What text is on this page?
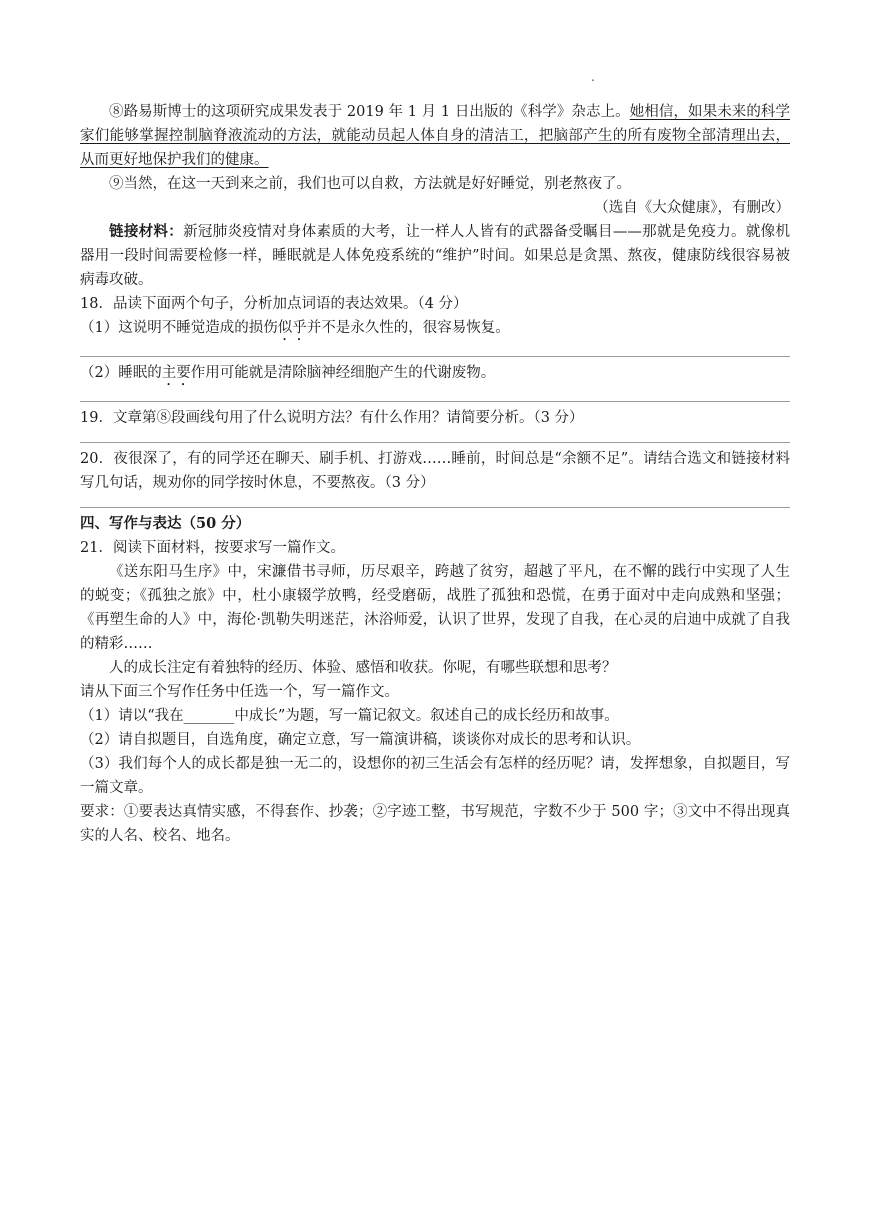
.

⑧路易斯博士的这项研究成果发表于 2019 年 1 月 1 日出版的《科学》杂志上。她相信，如果未来的科学家们能够掌握控制脑脊液流动的方法，就能动员起人体自身的清洁工，把脑部产生的所有废物全部清理出去，从而更好地保护我们的健康。

⑨当然，在这一天到来之前，我们也可以自救，方法就是好好睡觉，别老熬夜了。

（选自《大众健康》，有删改）

链接材料：新冠肺炎疫情对身体素质的大考，让一样人人皆有的武器备受瞩目——那就是免疫力。就像机器用一段时间需要检修一样，睡眠就是人体免疫系统的“维护”时间。如果总是贪黑、熬夜，健康防线很容易被病毒攻破。

18．品读下面两个句子，分析加点词语的表达效果。（4 分）

（1）这说明不睡觉造成的损伤似乎并不是永久性的，很容易恢复。

（2）睡眠的主要作用可能就是清除脑神经细胞产生的代谢废物。

19．文章第⑧段画线句用了什么说明方法？有什么作用？请简要分析。（3 分）

20．夜很深了，有的同学还在聊天、刷手机、打游戏……睡前，时间总是“余额不足”。请结合选文和链接材料写几句话，规劝你的同学按时休息，不要熬夜。（3 分）

四、写作与表达（50 分）

21．阅读下面材料，按要求写一篇作文。

《送东阳马生序》中，宋濂借书寻师，历尽艰辛，跨越了贫穷，超越了平凡，在不懈的践行中实现了人生的蜕变；《孤独之旅》中，杜小康辍学放鸭，经受磨砺，战胜了孤独和恐慌，在勇于面对中走向成熟和坚强；《再塑生命的人》中，海伦·凯勒失明迷茫，沐浴师爱，认识了世界，发现了自我，在心灵的启迪中成就了自我的精彩……

人的成长注定有着独特的经历、体验、感悟和收获。你呢，有哪些联想和思考？

请从下面三个写作任务中任选一个，写一篇作文。

（1）请以“我在_______中成长”为题，写一篇记叙文。叙述自己的成长经历和故事。

（2）请自拟题目，自选角度，确定立意，写一篇演讲稿，谈谈你对成长的思考和认识。

（3）我们每个人的成长都是独一无二的，设想你的初三生活会有怎样的经历呢？请，发挥想象，自拟题目，写一篇文章。

要求：①要表达真情实感，不得套作、抄袭；②字迹工整，书写规范，字数不少于 500 字；③文中不得出现真实的人名、校名、地名。
